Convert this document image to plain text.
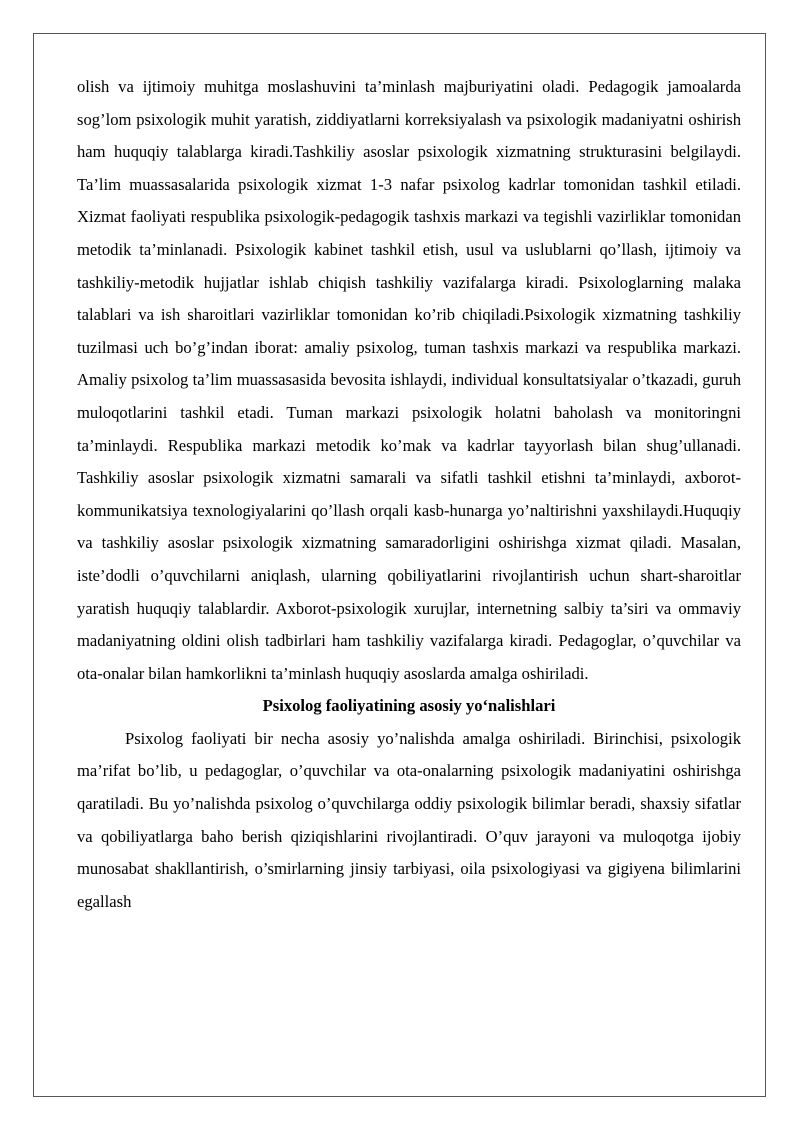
olish va ijtimoiy muhitga moslashuvini ta’minlash majburiyatini oladi. Pedagogik jamoalarda sog’lom psixologik muhit yaratish, ziddiyatlarni korreksiyalash va psixologik madaniyatni oshirish ham huquqiy talablarga kiradi.Tashkiliy asoslar psixologik xizmatning strukturasini belgilaydi. Ta’lim muassasalarida psixologik xizmat 1-3 nafar psixolog kadrlar tomonidan tashkil etiladi. Xizmat faoliyati respublika psixologik-pedagogik tashxis markazi va tegishli vazirliklar tomonidan metodik ta’minlanadi. Psixologik kabinet tashkil etish, usul va uslublarni qo’llash, ijtimoiy va tashkiliy-metodik hujjatlar ishlab chiqish tashkiliy vazifalarga kiradi. Psixologlarning malaka talablari va ish sharoitlari vazirliklar tomonidan ko’rib chiqiladi.Psixologik xizmatning tashkiliy tuzilmasi uch bo’g’indan iborat: amaliy psixolog, tuman tashxis markazi va respublika markazi. Amaliy psixolog ta’lim muassasasida bevosita ishlaydi, individual konsultatsiyalar o’tkazadi, guruh muloqotlarini tashkil etadi. Tuman markazi psixologik holatni baholash va monitoringni ta’minlaydi. Respublika markazi metodik ko’mak va kadrlar tayyorlash bilan shug’ullanadi. Tashkiliy asoslar psixologik xizmatni samarali va sifatli tashkil etishni ta’minlaydi, axborot-kommunikatsiya texnologiyalarini qo’llash orqali kasb-hunarga yo’naltirishni yaxshilaydi.Huquqiy va tashkiliy asoslar psixologik xizmatning samaradorligini oshirishga xizmat qiladi. Masalan, iste’dodli o’quvchilarni aniqlash, ularning qobiliyatlarini rivojlantirish uchun shart-sharoitlar yaratish huquqiy talablardir. Axborot-psixologik xurujlar, internetning salbiy ta’siri va ommaviy madaniyatning oldini olish tadbirlari ham tashkiliy vazifalarga kiradi. Pedagoglar, o’quvchilar va ota-onalar bilan hamkorlikni ta’minlash huquqiy asoslarda amalga oshiriladi.

Psixolog faoliyatining asosiy yo‘nalishlari

Psixolog faoliyati bir necha asosiy yo’nalishda amalga oshiriladi. Birinchisi, psixologik ma’rifat bo’lib, u pedagoglar, o’quvchilar va ota-onalarning psixologik madaniyatini oshirishga qaratiladi. Bu yo’nalishda psixolog o’quvchilarga oddiy psixologik bilimlar beradi, shaxsiy sifatlar va qobiliyatlarga baho berish qiziqishlarini rivojlantiradi. O’quv jarayoni va muloqotga ijobiy munosabat shakllantirish, o’smirlarning jinsiy tarbiyasi, oila psixologiyasi va gigiyena bilimlarini egallash
